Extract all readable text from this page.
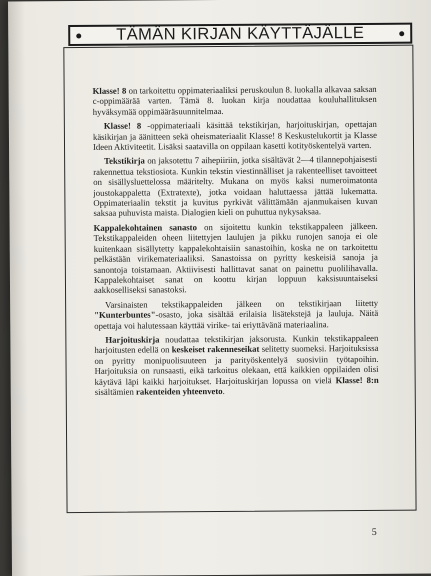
TÄMÄN KIRJAN KÄYTTÄJÄLLE

Klasse! 8 on tarkoitettu oppimateriaaliksi peruskoulun 8. luokalla alkavaa saksan c-oppimäärää varten. Tämä 8. luokan kirja noudattaa kouluhallituksen hyväksymää oppimääräsuunnitelmaa.

Klasse! 8 -oppimateriaali käsittää tekstikirjan, harjoituskirjan, opettajan käsikirjan ja äänitteen sekä oheismateriaalit Klasse! 8 Keskustelukortit ja Klasse Ideen Aktiviteetit. Lisäksi saatavilla on oppilaan kasetti kotityöskentelyä varten.

Tekstikirja on jaksotettu 7 aihepiiriin, jotka sisältävät 2—4 tilannepohjaisesti rakennettua tekstiosiota. Kunkin tekstin viestinnälliset ja rakenteelliset tavoitteet on sisällysluettelossa määritelty. Mukana on myös kaksi numeroimatonta joustokappaletta (Extratexte), jotka voidaan haluttaessa jättää lukematta. Oppimateriaalin tekstit ja kuvitus pyrkivät välittämään ajanmukaisen kuvan saksaa puhuvista maista. Dialogien kieli on puhuttua nykysaksaa.

Kappalekohtainen sanasto on sijoitettu kunkin tekstikappaleen jälkeen. Tekstikappaleiden oheen liitettyjen laulujen ja pikku runojen sanoja ei ole kuitenkaan sisällytetty kappalekohtaisiin sanastoihin, koska ne on tarkoitettu pelkästään virikemateriaaliksi. Sanastoissa on pyritty keskeisiä sanoja ja sanontoja toistamaan. Aktiivisesti hallittavat sanat on painettu puolilihavalla. Kappalekohtaiset sanat on koottu kirjan loppuun kaksisuuntaiseksi aakkoselliseksi sanastoksi.

Varsinaisten tekstikappaleiden jälkeen on tekstikirjaan liitetty "Kunterbuntes"-osasto, joka sisältää erilaisia lisätekstejä ja lauluja. Näitä opettaja voi halutessaan käyttää virike- tai eriyttävänä materiaalina.

Harjoituskirja noudattaa tekstikirjan jaksorusta. Kunkin tekstikappaleen harjoitusten edellä on keskeiset rakenneseikat selitetty suomeksi. Harjoituksissa on pyritty monipuolisuuteen ja parityöskentelyä suosiviin työtapoihin. Harjoituksia on runsaasti, eikä tarkoitus olekaan, että kaikkien oppilaiden olisi käytävä läpi kaikki harjoitukset. Harjoituskirjan lopussa on vielä Klasse! 8:n sisältämien rakenteiden yhteenveto.

5
